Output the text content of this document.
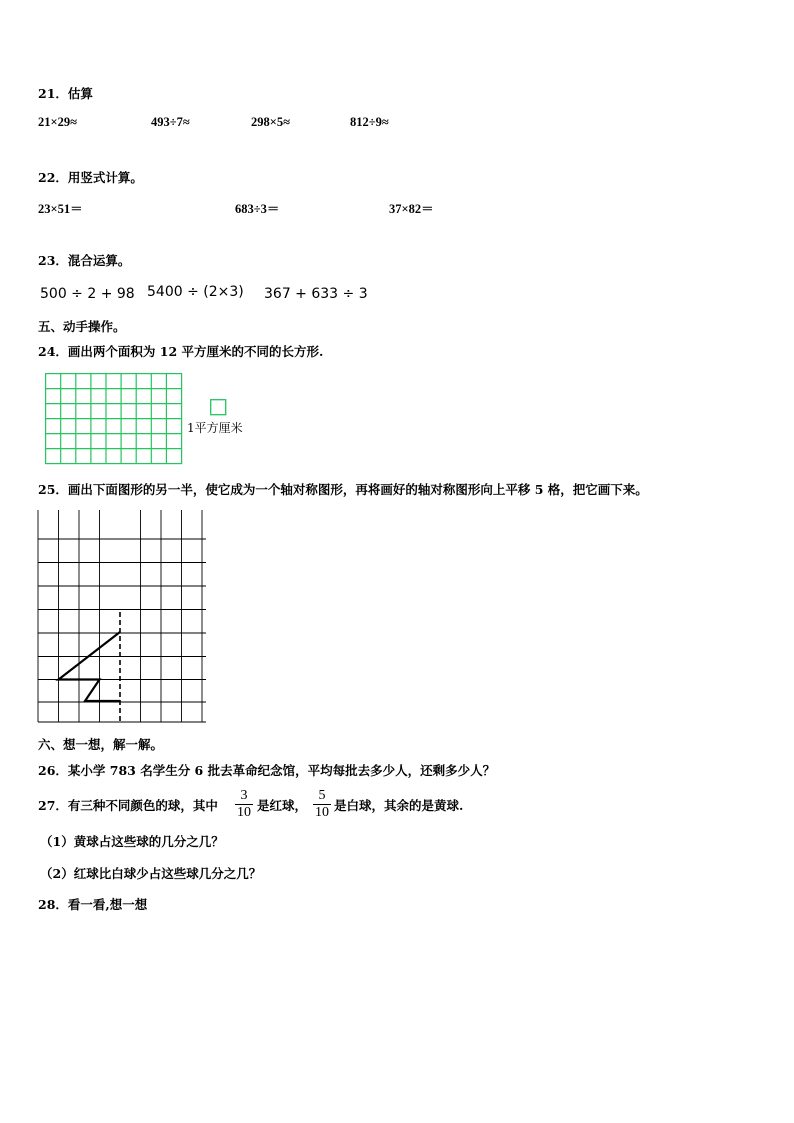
21．估算
21×29≈	493÷7≈	298×5≈	812÷9≈
22．用竖式计算。
23×51＝	683÷3＝	37×82＝
23．混合运算。
500 ÷ 2 + 98 5400 ÷ (2×3) 367 + 633 ÷ 3
五、动手操作。
24．画出两个面积为 12 平方厘米的不同的长方形.
1平方厘米
25．画出下面图形的另一半，使它成为一个轴对称图形，再将画好的轴对称图形向上平移 5 格，把它画下来。
六、想一想，解一解。
26．某小学 783 名学生分 6 批去革命纪念馆，平均每批去多少人，还剩多少人？
27．有三种不同颜色的球，其中 $\frac{3}{10}$ 是红球， $\frac{5}{10}$ 是白球，其余的是黄球.
（1）黄球占这些球的几分之几？
（2）红球比白球少占这些球几分之几？
28．看一看,想一想
